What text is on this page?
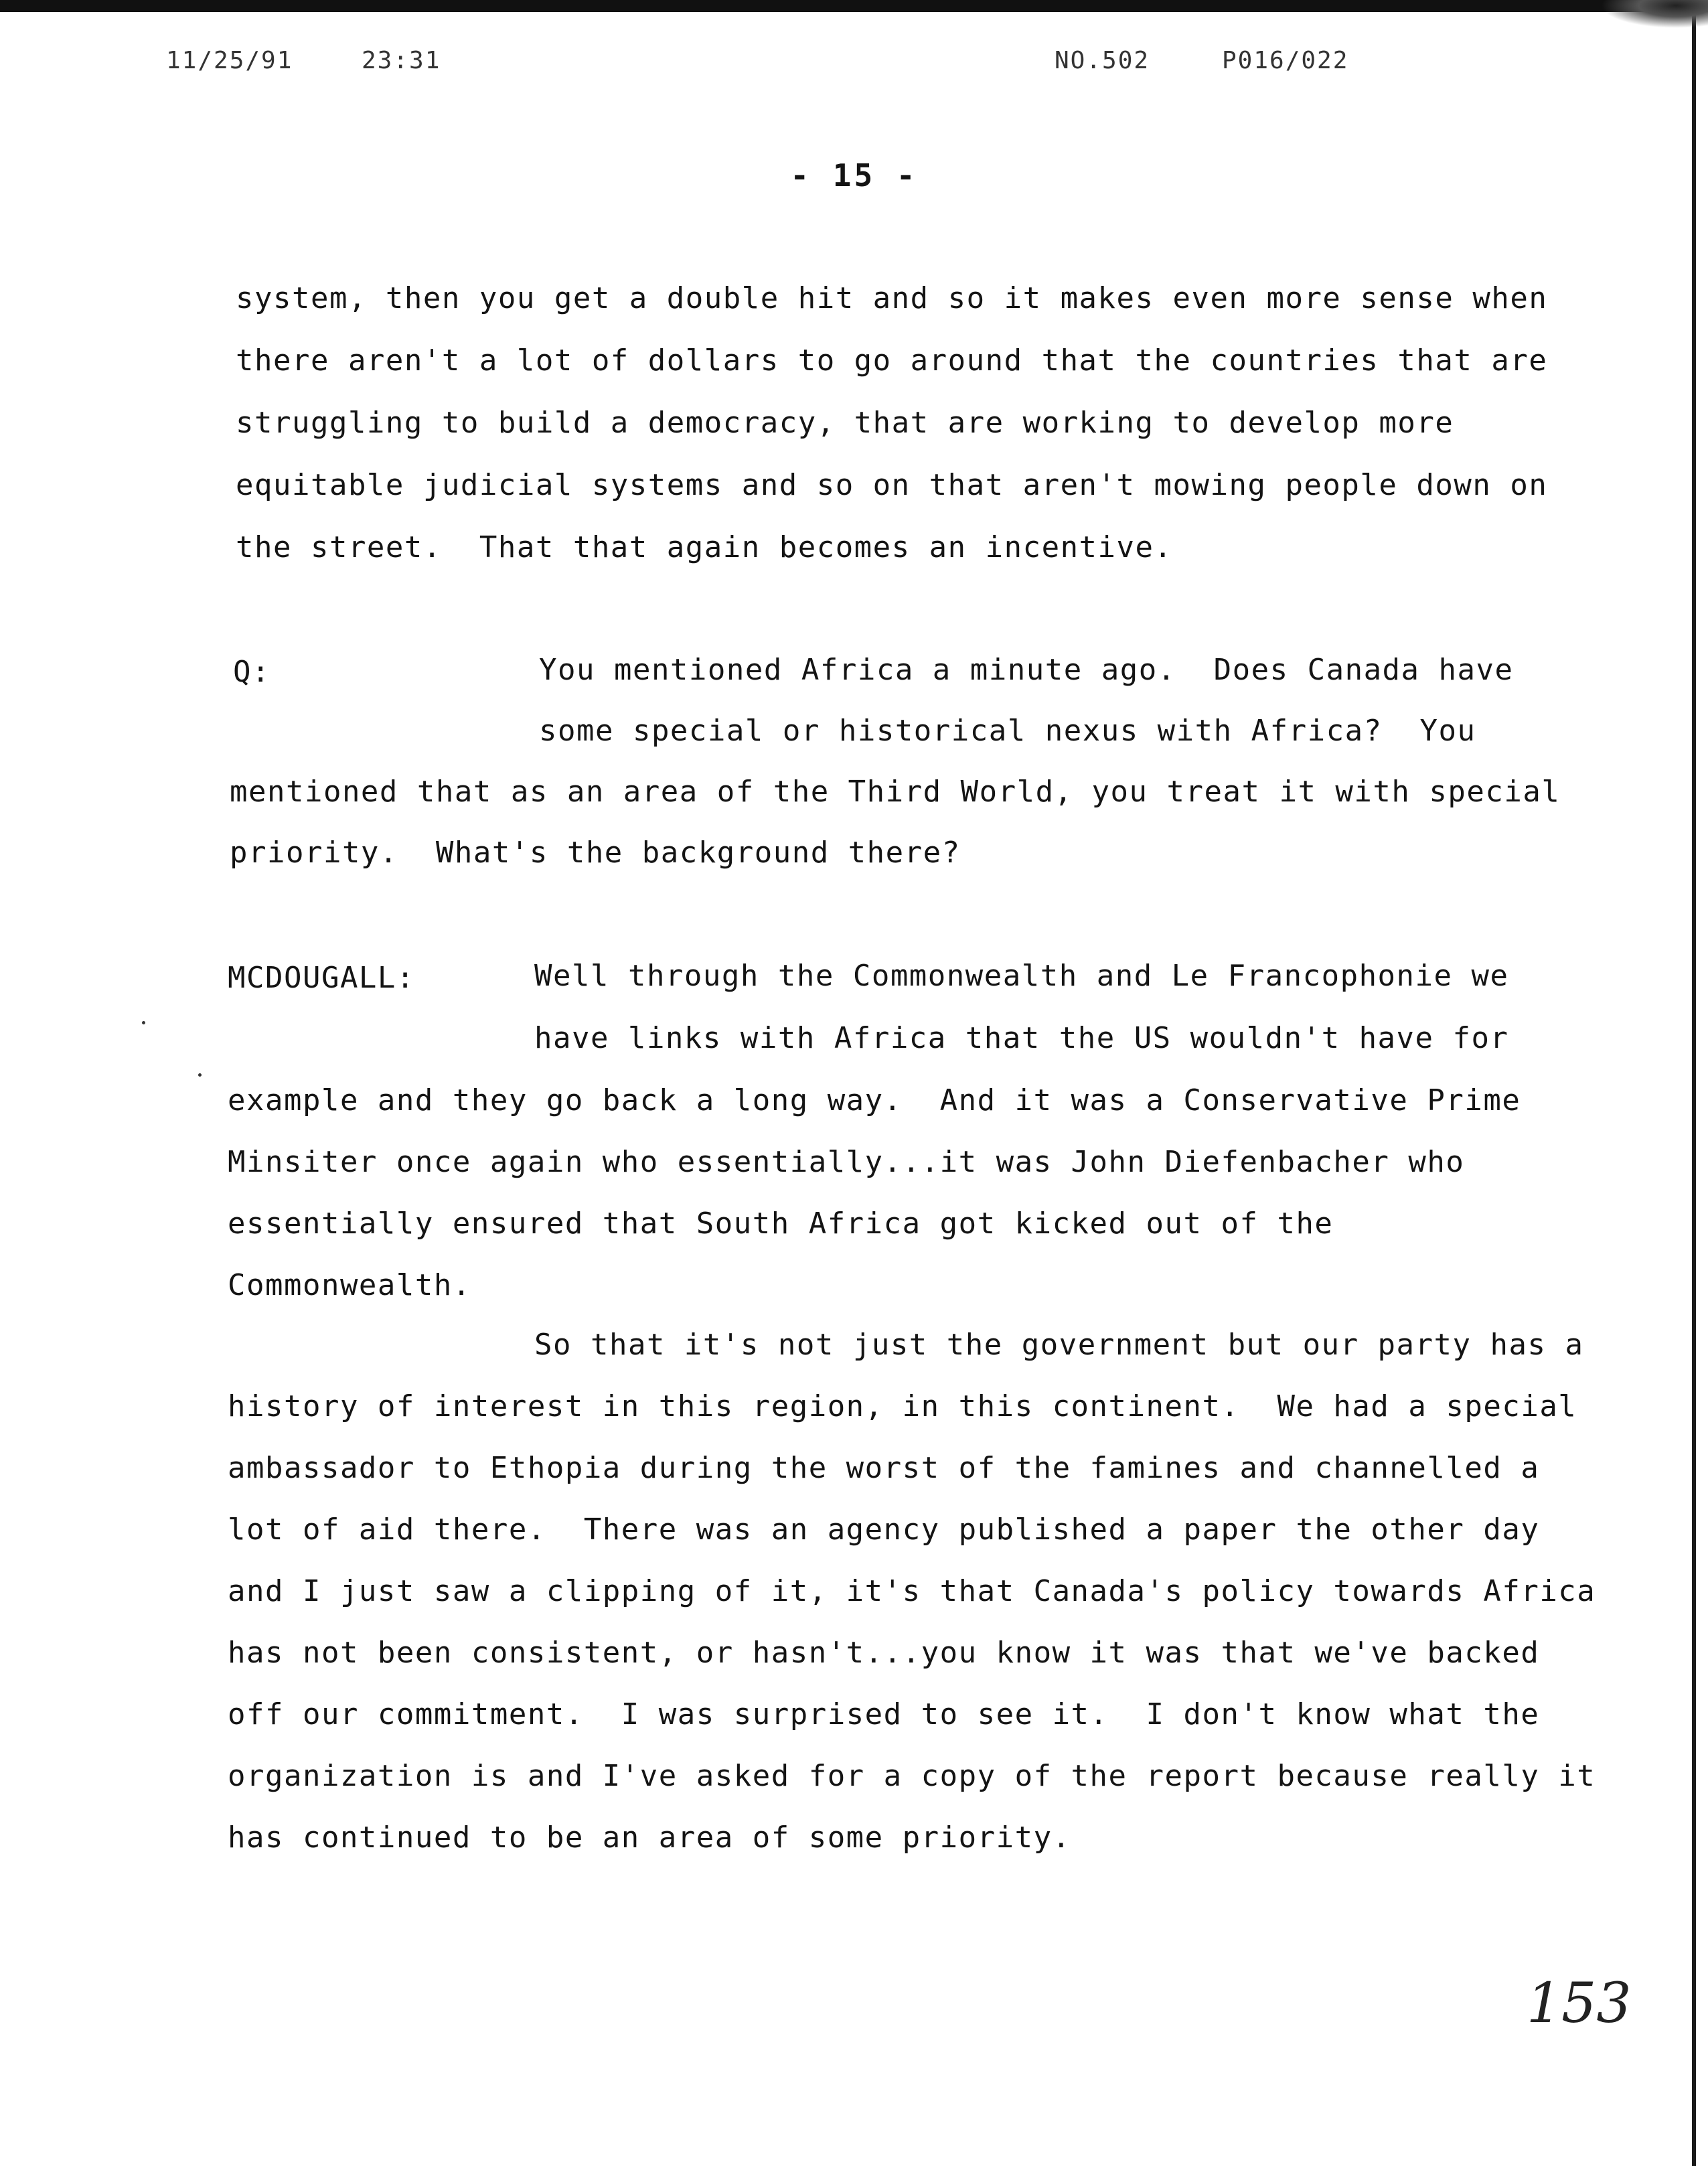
11/25/91	23:31	NO.502	P016/022
- 15 -
system, then you get a double hit and so it makes even more sense when
there aren't a lot of dollars to go around that the countries that are
struggling to build a democracy, that are working to develop more
equitable judicial systems and so on that aren't mowing people down on
the street.  That that again becomes an incentive.
Q:	You mentioned Africa a minute ago.  Does Canada have
some special or historical nexus with Africa?  You
mentioned that as an area of the Third World, you treat it with special
priority.  What's the background there?
MCDOUGALL:	Well through the Commonwealth and Le Francophonie we
have links with Africa that the US wouldn't have for
example and they go back a long way.  And it was a Conservative Prime
Minsiter once again who essentially...it was John Diefenbacher who
essentially ensured that South Africa got kicked out of the
Commonwealth.
So that it's not just the government but our party has a
history of interest in this region, in this continent.  We had a special
ambassador to Ethopia during the worst of the famines and channelled a
lot of aid there.  There was an agency published a paper the other day
and I just saw a clipping of it, it's that Canada's policy towards Africa
has not been consistent, or hasn't...you know it was that we've backed
off our commitment.  I was surprised to see it.  I don't know what the
organization is and I've asked for a copy of the report because really it
has continued to be an area of some priority.
153
